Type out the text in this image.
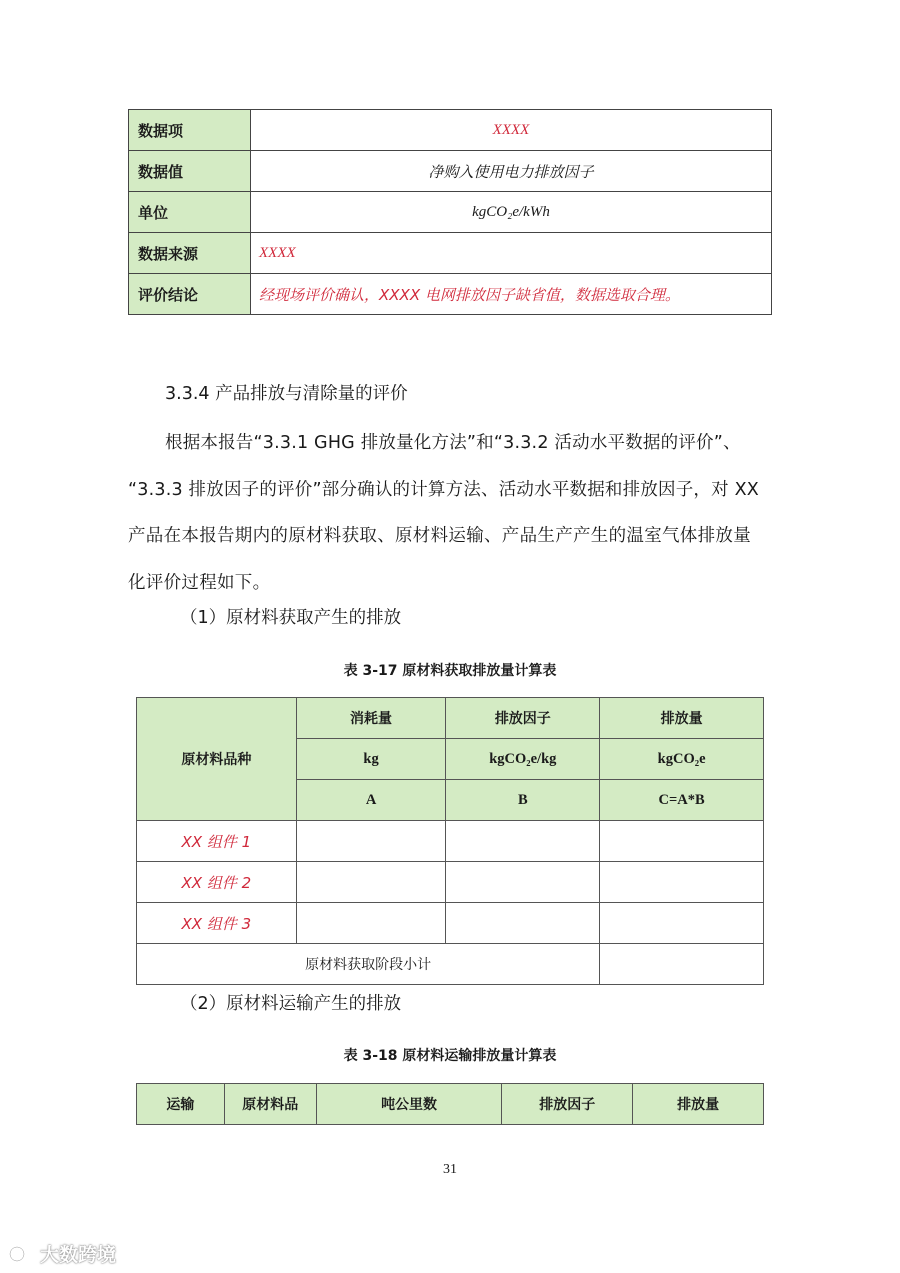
数据项	XXXX
数据值	净购入使用电力排放因子
单位	kgCO₂e/kWh
数据来源	XXXX
评价结论	经现场评价确认，XXXX 电网排放因子缺省值，数据选取合理。
3.3.4 产品排放与清除量的评价
根据本报告“3.3.1 GHG 排放量化方法”和“3.3.2 活动水平数据的评价”、
“3.3.3 排放因子的评价”部分确认的计算方法、活动水平数据和排放因子，对 XX
产品在本报告期内的原材料获取、原材料运输、产品生产产生的温室气体排放量
化评价过程如下。
（1）原材料获取产生的排放
表 3-17 原材料获取排放量计算表
原材料品种	消耗量	排放因子	排放量
	kg	kgCO₂e/kg	kgCO₂e
	A	B	C=A*B
XX 组件 1			
XX 组件 2			
XX 组件 3			
原材料获取阶段小计			
（2）原材料运输产生的排放
表 3-18 原材料运输排放量计算表
运输	原材料品	吨公里数	排放因子	排放量
31
大数跨境
